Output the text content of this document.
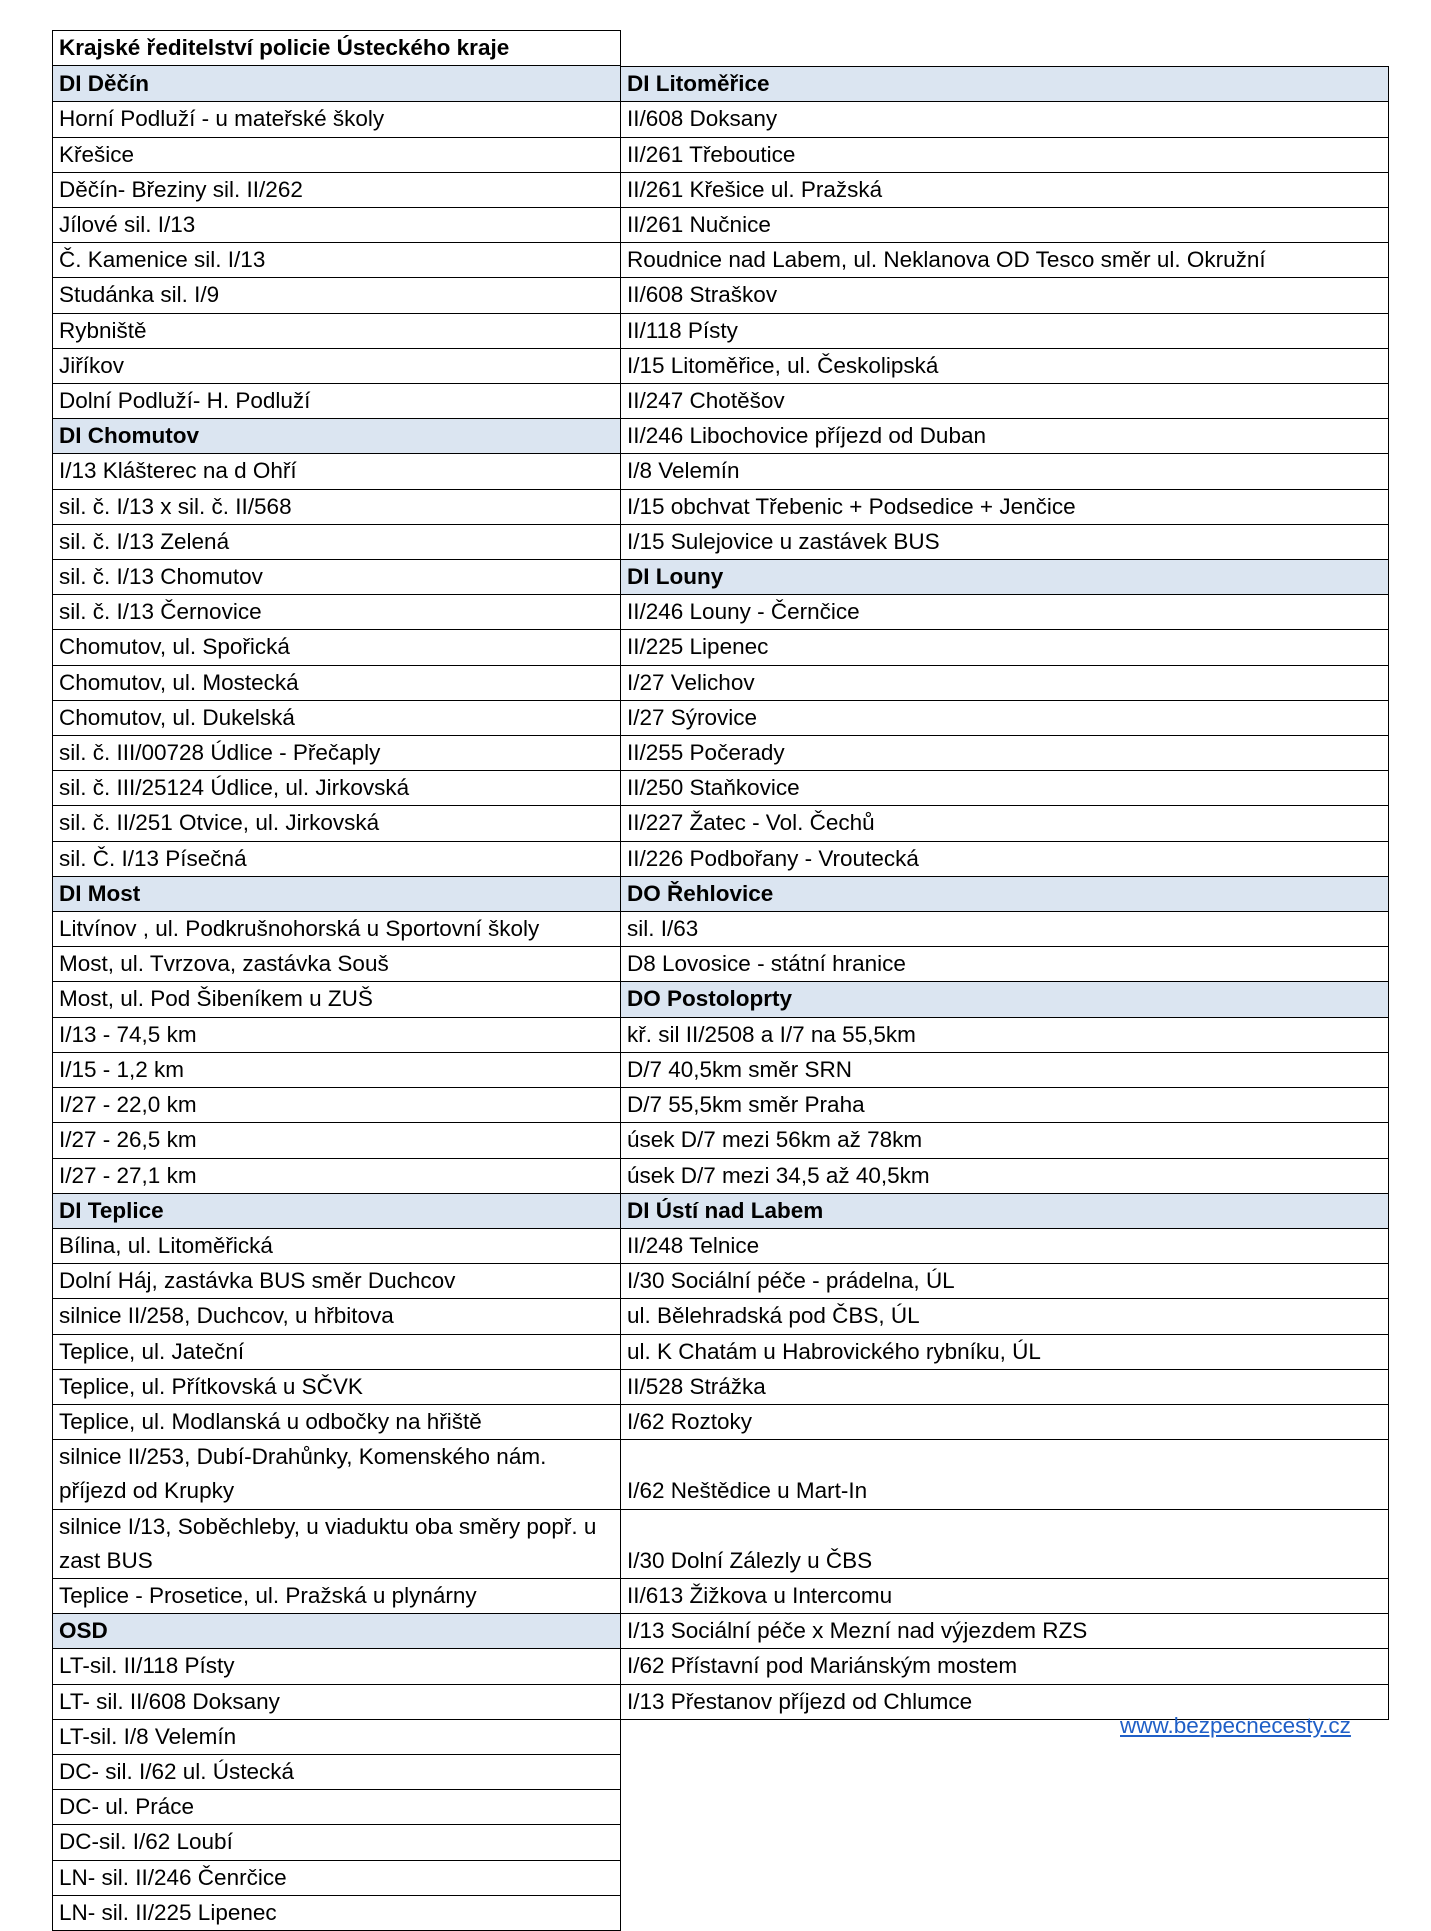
Krajské ředitelství policie Ústeckého kraje
DI Děčín	DI Litoměřice
Horní Podluží - u mateřské školy	II/608 Doksany
Křešice	II/261 Třeboutice
Děčín- Březiny sil. II/262	II/261 Křešice ul. Pražská
Jílové sil. I/13	II/261 Nučnice
Č. Kamenice sil. I/13	Roudnice nad Labem, ul. Neklanova OD Tesco směr ul. Okružní
Studánka sil. I/9	II/608 Straškov
Rybniště	II/118 Písty
Jiříkov	I/15 Litoměřice, ul. Českolipská
Dolní Podluží- H. Podluží	II/247 Chotěšov
DI Chomutov	II/246 Libochovice příjezd od Duban
I/13 Klášterec na d Ohří	I/8 Velemín
sil. č. I/13 x sil. č. II/568	I/15 obchvat Třebenic + Podsedice + Jenčice
sil. č. I/13 Zelená	I/15 Sulejovice u zastávek BUS
sil. č. I/13 Chomutov	DI Louny
sil. č. I/13 Černovice	II/246 Louny - Černčice
Chomutov, ul. Spořická	II/225 Lipenec
Chomutov, ul. Mostecká	I/27 Velichov
Chomutov, ul. Dukelská	I/27 Sýrovice
sil. č. III/00728 Údlice - Přečaply	II/255 Počerady
sil. č. III/25124 Údlice, ul. Jirkovská	II/250 Staňkovice
sil. č. II/251 Otvice, ul. Jirkovská	II/227 Žatec - Vol. Čechů
sil. Č. I/13 Písečná	II/226 Podbořany - Vroutecká
DI Most	DO Řehlovice
Litvínov , ul. Podkrušnohorská u Sportovní školy	sil. I/63
Most, ul. Tvrzova, zastávka Souš	D8 Lovosice - státní hranice
Most, ul. Pod Šibeníkem u ZUŠ	DO Postoloprty
I/13 - 74,5 km	kř. sil II/2508 a I/7 na 55,5km
I/15 - 1,2 km	D/7 40,5km směr SRN
I/27 - 22,0 km	D/7 55,5km směr Praha
I/27 - 26,5 km	úsek D/7 mezi 56km až 78km
I/27 - 27,1 km	úsek D/7 mezi 34,5 až 40,5km
DI Teplice	DI Ústí nad Labem
Bílina, ul. Litoměřická	II/248 Telnice
Dolní Háj, zastávka BUS směr Duchcov	I/30 Sociální péče - prádelna, ÚL
silnice II/258, Duchcov, u hřbitova	ul. Bělehradská pod ČBS, ÚL
Teplice, ul. Jateční	ul. K Chatám u Habrovického rybníku, ÚL
Teplice, ul. Přítkovská u SČVK	II/528 Strážka
Teplice, ul. Modlanská u odbočky na hřiště	I/62 Roztoky
silnice II/253, Dubí-Drahůnky, Komenského nám. příjezd od Krupky	I/62 Neštědice u Mart-In
silnice I/13, Soběchleby, u viaduktu oba směry popř. u zast BUS	I/30 Dolní Zálezly u ČBS
Teplice - Prosetice, ul. Pražská u plynárny	II/613 Žižkova u Intercomu
OSD	I/13 Sociální péče x Mezní nad výjezdem RZS
LT-sil. II/118 Písty	I/62 Přístavní pod Mariánským mostem
LT- sil. II/608 Doksany	I/13 Přestanov příjezd od Chlumce
LT-sil. I/8 Velemín
DC- sil. I/62 ul. Ústecká
DC- ul. Práce
DC-sil. I/62 Loubí
LN- sil. II/246 Čenrčice
LN- sil. II/225 Lipenec
www.bezpecnecesty.cz
